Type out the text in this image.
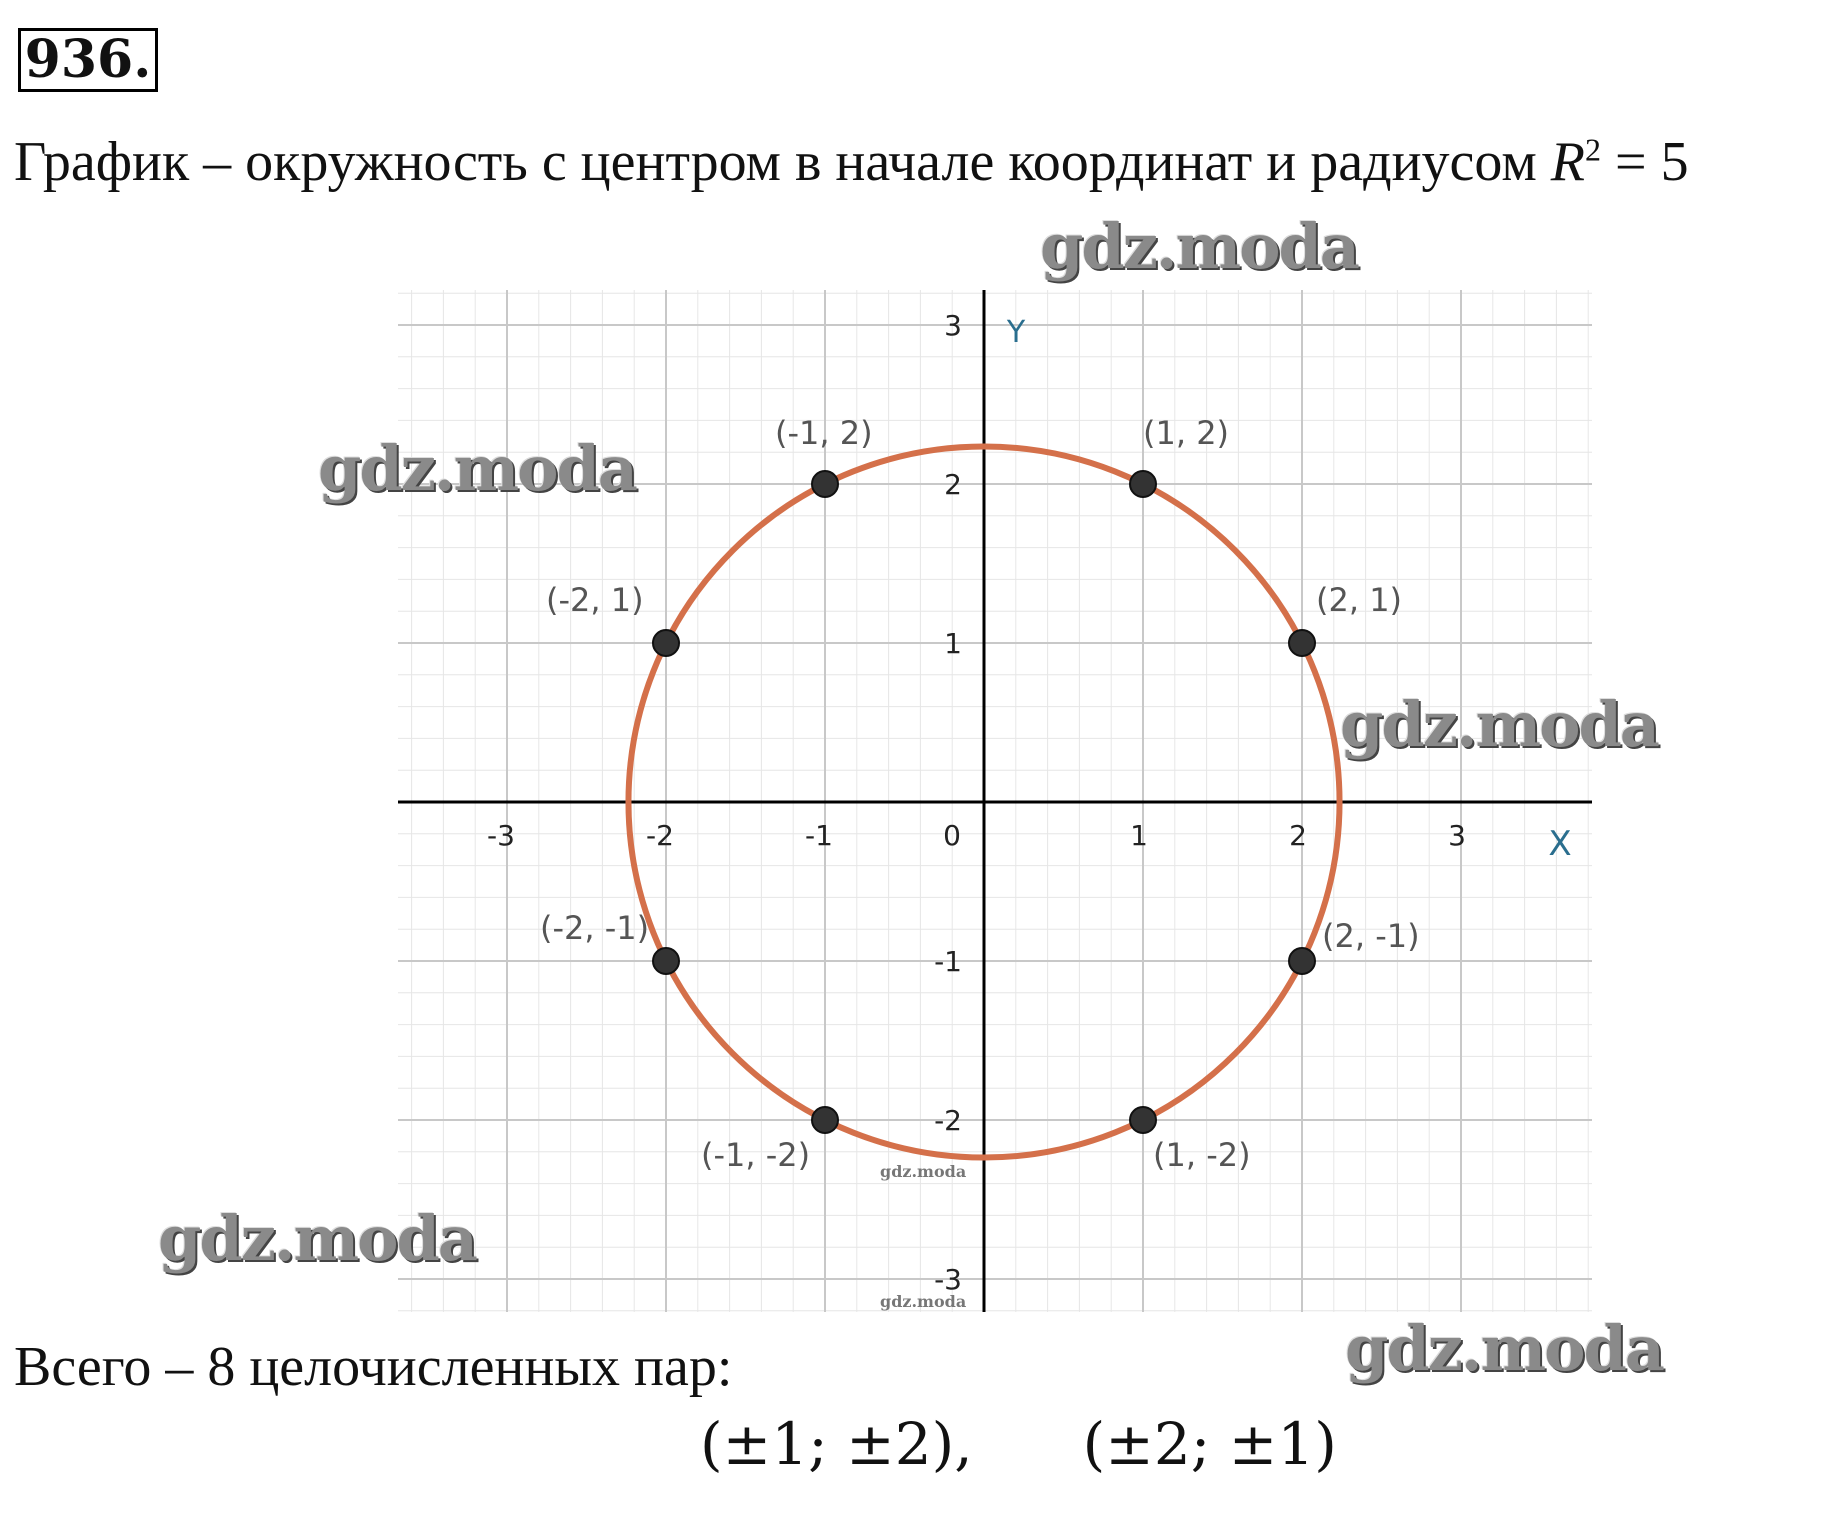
936.
График – окружность с центром в начале координат и радиусом $R^2 = 5$
X
Y
-3	-2	-1	0	1	2	3
3
2
1
-1
-2
-3
(-1, 2)	(1, 2)
(-2, 1)	(2, 1)
(-2, -1)	(2, -1)
(-1, -2)	(1, -2)
gdz.moda
gdz.moda
gdz.moda
gdz.moda
gdz.moda
gdz.moda
gdz.moda
Всего – 8 целочисленных пар:
(±1; ±2), (±2; ±1)
